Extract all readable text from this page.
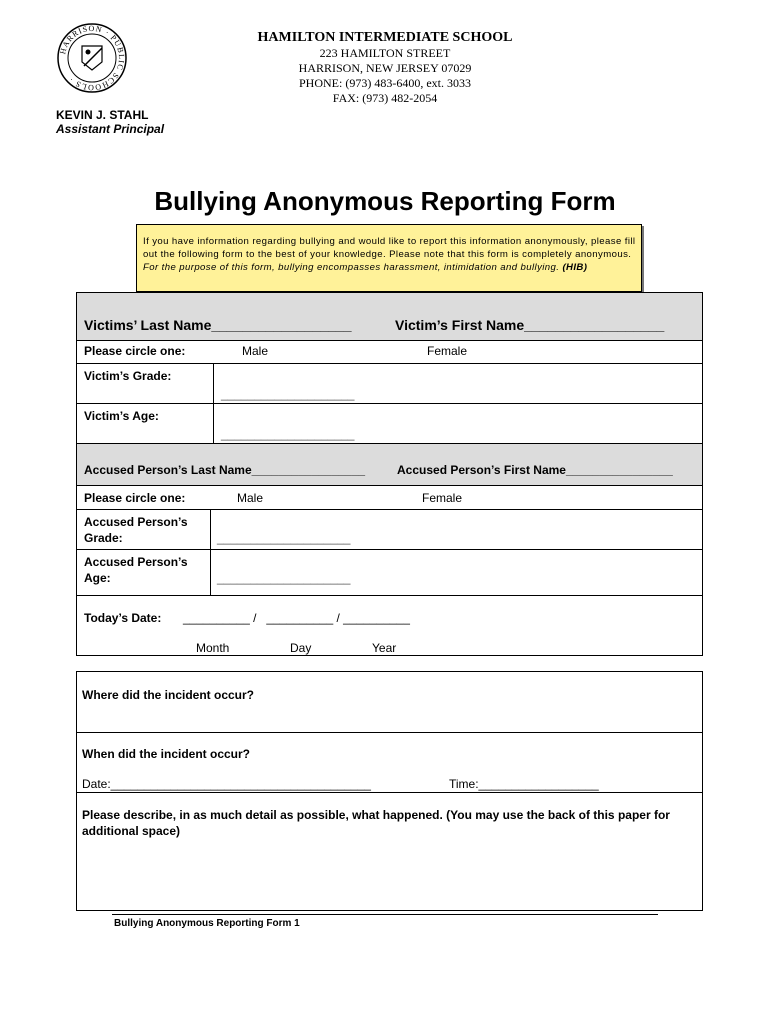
HARRISON · PUBLIC SCHOOLS ·
HAMILTON INTERMEDIATE SCHOOL
223 HAMILTON STREET
HARRISON, NEW JERSEY 07029
PHONE: (973) 483-6400, ext. 3033
FAX: (973) 482-2054
KEVIN J. STAHL
Assistant Principal
Bullying Anonymous Reporting Form
If you have information regarding bullying and would like to report this information anonymously, please fill out the following form to the best of your knowledge. Please note that this form is completely anonymous. For the purpose of this form, bullying encompasses harassment, intimidation and bullying. (HIB)
Victims’ Last Name__________________	Victim’s First Name__________________
Please circle one:	Male	Female
Victim’s Grade:
____________________
Victim’s Age:
____________________
Accused Person’s Last Name_________________	Accused Person’s First Name________________
Please circle one:	Male	Female
Accused Person’s
Grade:	____________________
Accused Person’s
Age:	____________________
Today’s Date: __________ /   __________ / __________
Month	Day	Year
Where did the incident occur?
When did the incident occur?
Date:_______________________________________	Time:__________________
Please describe, in as much detail as possible, what happened. (You may use the back of this paper for additional space)
Bullying Anonymous Reporting Form 1
